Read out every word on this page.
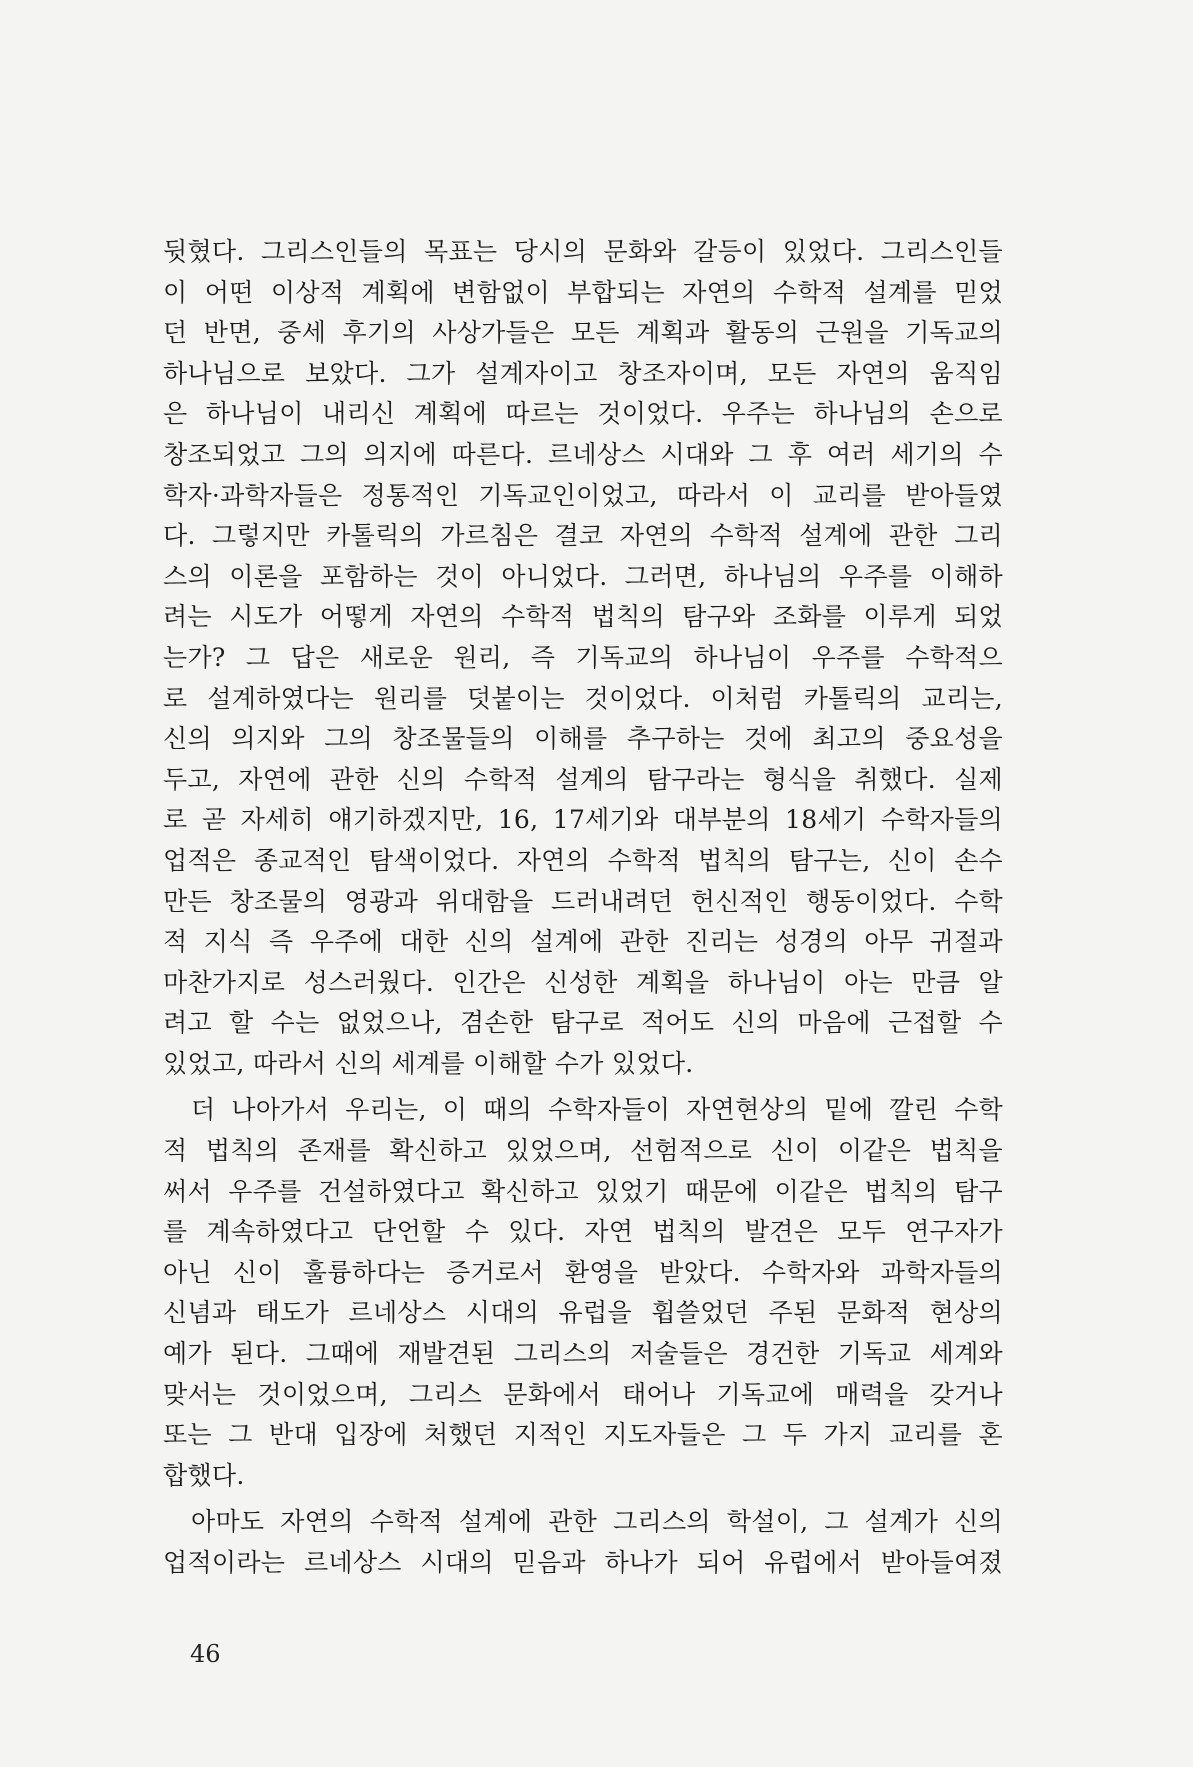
뒷혔다. 그리스인들의 목표는 당시의 문화와 갈등이 있었다. 그리스인들
이 어떤 이상적 계획에 변함없이 부합되는 자연의 수학적 설계를 믿었
던 반면, 중세 후기의 사상가들은 모든 계획과 활동의 근원을 기독교의
하나님으로 보았다. 그가 설계자이고 창조자이며, 모든 자연의 움직임
은 하나님이 내리신 계획에 따르는 것이었다. 우주는 하나님의 손으로
창조되었고 그의 의지에 따른다. 르네상스 시대와 그 후 여러 세기의 수
학자·과학자들은 정통적인 기독교인이었고, 따라서 이 교리를 받아들였
다. 그렇지만 카톨릭의 가르침은 결코 자연의 수학적 설계에 관한 그리
스의 이론을 포함하는 것이 아니었다. 그러면, 하나님의 우주를 이해하
려는 시도가 어떻게 자연의 수학적 법칙의 탐구와 조화를 이루게 되었
는가? 그 답은 새로운 원리, 즉 기독교의 하나님이 우주를 수학적으
로 설계하였다는 원리를 덧붙이는 것이었다. 이처럼 카톨릭의 교리는,
신의 의지와 그의 창조물들의 이해를 추구하는 것에 최고의 중요성을
두고, 자연에 관한 신의 수학적 설계의 탐구라는 형식을 취했다. 실제
로 곧 자세히 얘기하겠지만, 16, 17세기와 대부분의 18세기 수학자들의
업적은 종교적인 탐색이었다. 자연의 수학적 법칙의 탐구는, 신이 손수
만든 창조물의 영광과 위대함을 드러내려던 헌신적인 행동이었다. 수학
적 지식 즉 우주에 대한 신의 설계에 관한 진리는 성경의 아무 귀절과
마찬가지로 성스러웠다. 인간은 신성한 계획을 하나님이 아는 만큼 알
려고 할 수는 없었으나, 겸손한 탐구로 적어도 신의 마음에 근접할 수
있었고, 따라서 신의 세계를 이해할 수가 있었다.
더 나아가서 우리는, 이 때의 수학자들이 자연현상의 밑에 깔린 수학
적 법칙의 존재를 확신하고 있었으며, 선험적으로 신이 이같은 법칙을
써서 우주를 건설하였다고 확신하고 있었기 때문에 이같은 법칙의 탐구
를 계속하였다고 단언할 수 있다. 자연 법칙의 발견은 모두 연구자가
아닌 신이 훌륭하다는 증거로서 환영을 받았다. 수학자와 과학자들의
신념과 태도가 르네상스 시대의 유럽을 휩쓸었던 주된 문화적 현상의
예가 된다. 그때에 재발견된 그리스의 저술들은 경건한 기독교 세계와
맞서는 것이었으며, 그리스 문화에서 태어나 기독교에 매력을 갖거나
또는 그 반대 입장에 처했던 지적인 지도자들은 그 두 가지 교리를 혼
합했다.
아마도 자연의 수학적 설계에 관한 그리스의 학설이, 그 설계가 신의
업적이라는 르네상스 시대의 믿음과 하나가 되어 유럽에서 받아들여졌
46
